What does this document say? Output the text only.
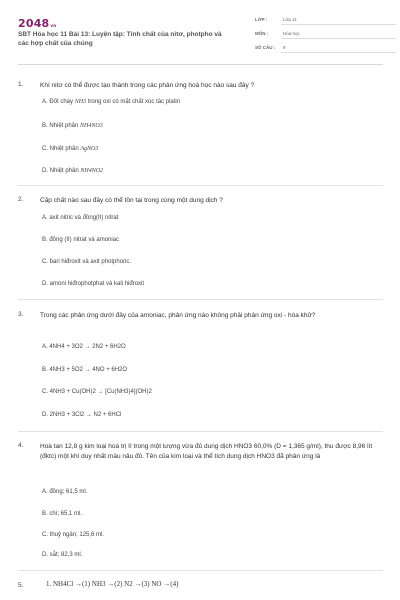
2048vn
SBT Hóa học 11 Bài 13: Luyện tập: Tính chất của nitơ, photpho và các hợp chất của chúng
LỚP :	Lớp 11
MÔN :	Hóa học
SỐ CÂU : 9
1.	Khí nitơ có thể được tạo thành trong các phản ứng hoá học nào sau đây ?
A. Đốt cháy NH3 trong oxi có mặt chất xúc tác platin
B. Nhiệt phân NH4NO3
C. Nhiệt phân AgNO3
D. Nhiệt phân NH4NO2
2.	Cặp chất nào sau đây có thể tồn tại trong cùng một dung dịch ?
A. axit nitric và đồng(II) nitrat
B. đồng (II) nitrat và amoniac
C. bari hiđroxit và axit photphoric.
D. amoni hiđrophotphat và kali hiđroxit
3.	Trong các phản ứng dưới đây của amoniac, phản ứng nào không phải phản ứng oxi - hóa khử?
A. 4NH4 + 3O2 → 2N2 + 6H2O
B. 4NH3 + 5O2 → 4NO + 6H2O
C. 4NH3 + Cu(OH)2 → [Cu(NH3)4](OH)2
D. 2NH3 + 3Cl2 → N2 + 6HCl
4.	Hoà tan 12,8 g kim loại hoá trị II trong một lượng vừa đủ dung dịch HNO3 60,0% (D = 1,365 g/ml), thu được 8,96 lít (đktc) một khí duy nhất màu nâu đỏ. Tên của kim loại và thể tích dung dịch HNO3 đã phản ứng là
A. đồng; 61,5 ml.
B. chì; 65,1 ml.
C. thuỷ ngân; 125,6 ml.
D. sắt; 82,3 ml.
5.	1. NH4Cl →(1) NH3 →(2) N2 →(3) NO →(4)
